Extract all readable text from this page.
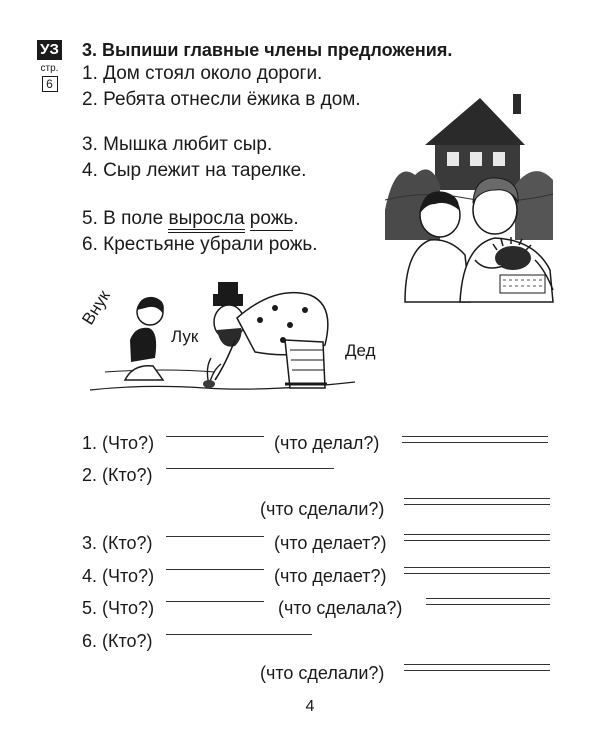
УЗ
стр.
6
3. Выпиши главные члены предложения.
1. Дом стоял около дороги.
2. Ребята отнесли ёжика в дом.
3. Мышка любит сыр.
4. Сыр лежит на тарелке.
5. В поле выросла рожь.
6. Крестьяне убрали рожь.
Внук
Лук
Дед
1. (Что?)	(что делал?)
2. (Кто?)
(что сделали?)
3. (Кто?)	(что делает?)
4. (Что?)	(что делает?)
5. (Что?)	(что сделала?)
6. (Кто?)
(что сделали?)
4
